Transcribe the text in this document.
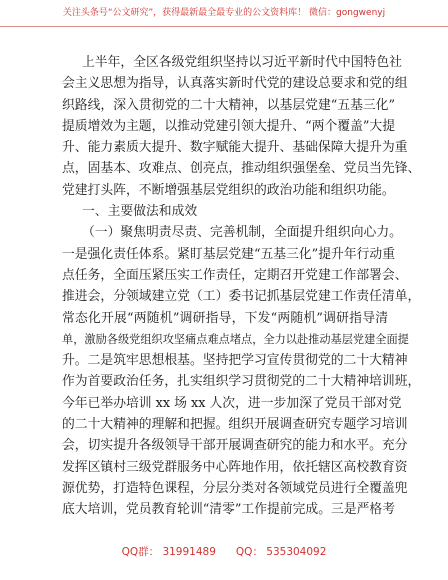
关注头条号“公文研究”，获得最新最全最专业的公文资料库！ 微信：gongwenyj
上半年，全区各级党组织坚持以习近平新时代中国特色社
会主义思想为指导，认真落实新时代党的建设总要求和党的组
织路线，深入贯彻党的二十大精神，以基层党建“五基三化”
提质增效为主题，以推动党建引领大提升、“两个覆盖”大提
升、能力素质大提升、数字赋能大提升、基础保障大提升为重
点，固基本、攻难点、创亮点，推动组织强堡垒、党员当先锋、
党建打头阵，不断增强基层党组织的政治功能和组织功能。
一、主要做法和成效
（一）聚焦明责尽责、完善机制，全面提升组织向心力。
一是强化责任体系。紧盯基层党建“五基三化”提升年行动重
点任务，全面压紧压实工作责任，定期召开党建工作部署会、
推进会，分领域建立党（工）委书记抓基层党建工作责任清单，
常态化开展“两随机”调研指导，下发“两随机”调研指导清
单，激励各级党组织攻坚痛点难点堵点，全力以赴推动基层党建全面提
升。二是筑牢思想根基。坚持把学习宣传贯彻党的二十大精神
作为首要政治任务，扎实组织学习贯彻党的二十大精神培训班，
今年已举办培训 xx 场 xx 人次，进一步加深了党员干部对党
的二十大精神的理解和把握。组织开展调查研究专题学习培训
会，切实提升各级领导干部开展调查研究的能力和水平。充分
发挥区镇村三级党群服务中心阵地作用，依托辖区高校教育资
源优势，打造特色课程，分层分类对各领域党员进行全覆盖兜
底大培训，党员教育轮训“清零”工作提前完成。三是严格考
QQ群： 31991489      QQ： 535304092
